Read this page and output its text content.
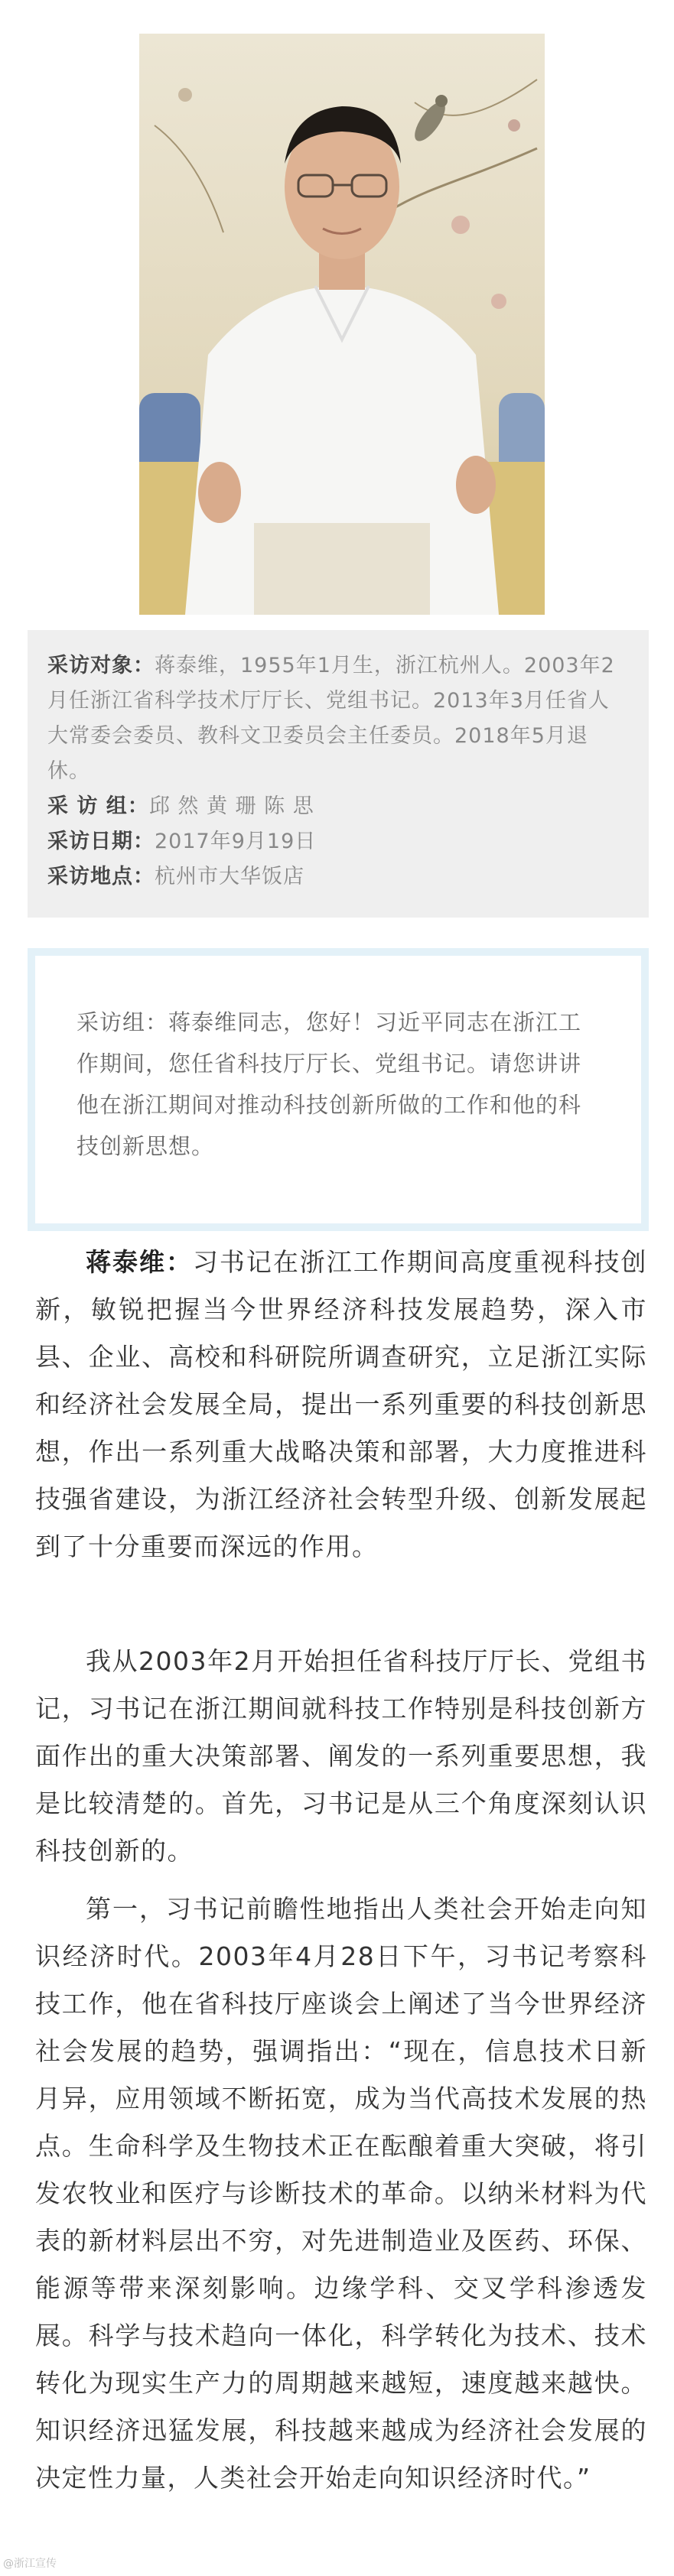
采访对象：蒋泰维，1955年1月生，浙江杭州人。2003年2月任浙江省科学技术厅厅长、党组书记。2013年3月任省人大常委会委员、教科文卫委员会主任委员。2018年5月退休。

采 访 组：邱 然 黄 珊 陈 思

采访日期：2017年9月19日

采访地点：杭州市大华饭店

采访组：蒋泰维同志，您好！习近平同志在浙江工作期间，您任省科技厅厅长、党组书记。请您讲讲他在浙江期间对推动科技创新所做的工作和他的科技创新思想。

蒋泰维：习书记在浙江工作期间高度重视科技创新，敏锐把握当今世界经济科技发展趋势，深入市县、企业、高校和科研院所调查研究，立足浙江实际和经济社会发展全局，提出一系列重要的科技创新思想，作出一系列重大战略决策和部署，大力度推进科技强省建设，为浙江经济社会转型升级、创新发展起到了十分重要而深远的作用。

我从2003年2月开始担任省科技厅厅长、党组书记，习书记在浙江期间就科技工作特别是科技创新方面作出的重大决策部署、阐发的一系列重要思想，我是比较清楚的。首先，习书记是从三个角度深刻认识科技创新的。

第一，习书记前瞻性地指出人类社会开始走向知识经济时代。2003年4月28日下午，习书记考察科技工作，他在省科技厅座谈会上阐述了当今世界经济社会发展的趋势，强调指出：“现在，信息技术日新月异，应用领域不断拓宽，成为当代高技术发展的热点。生命科学及生物技术正在酝酿着重大突破，将引发农牧业和医疗与诊断技术的革命。以纳米材料为代表的新材料层出不穷，对先进制造业及医药、环保、能源等带来深刻影响。边缘学科、交叉学科渗透发展。科学与技术趋向一体化，科学转化为技术、技术转化为现实生产力的周期越来越短，速度越来越快。知识经济迅猛发展，科技越来越成为经济社会发展的决定性力量，人类社会开始走向知识经济时代。”

@浙江宣传
